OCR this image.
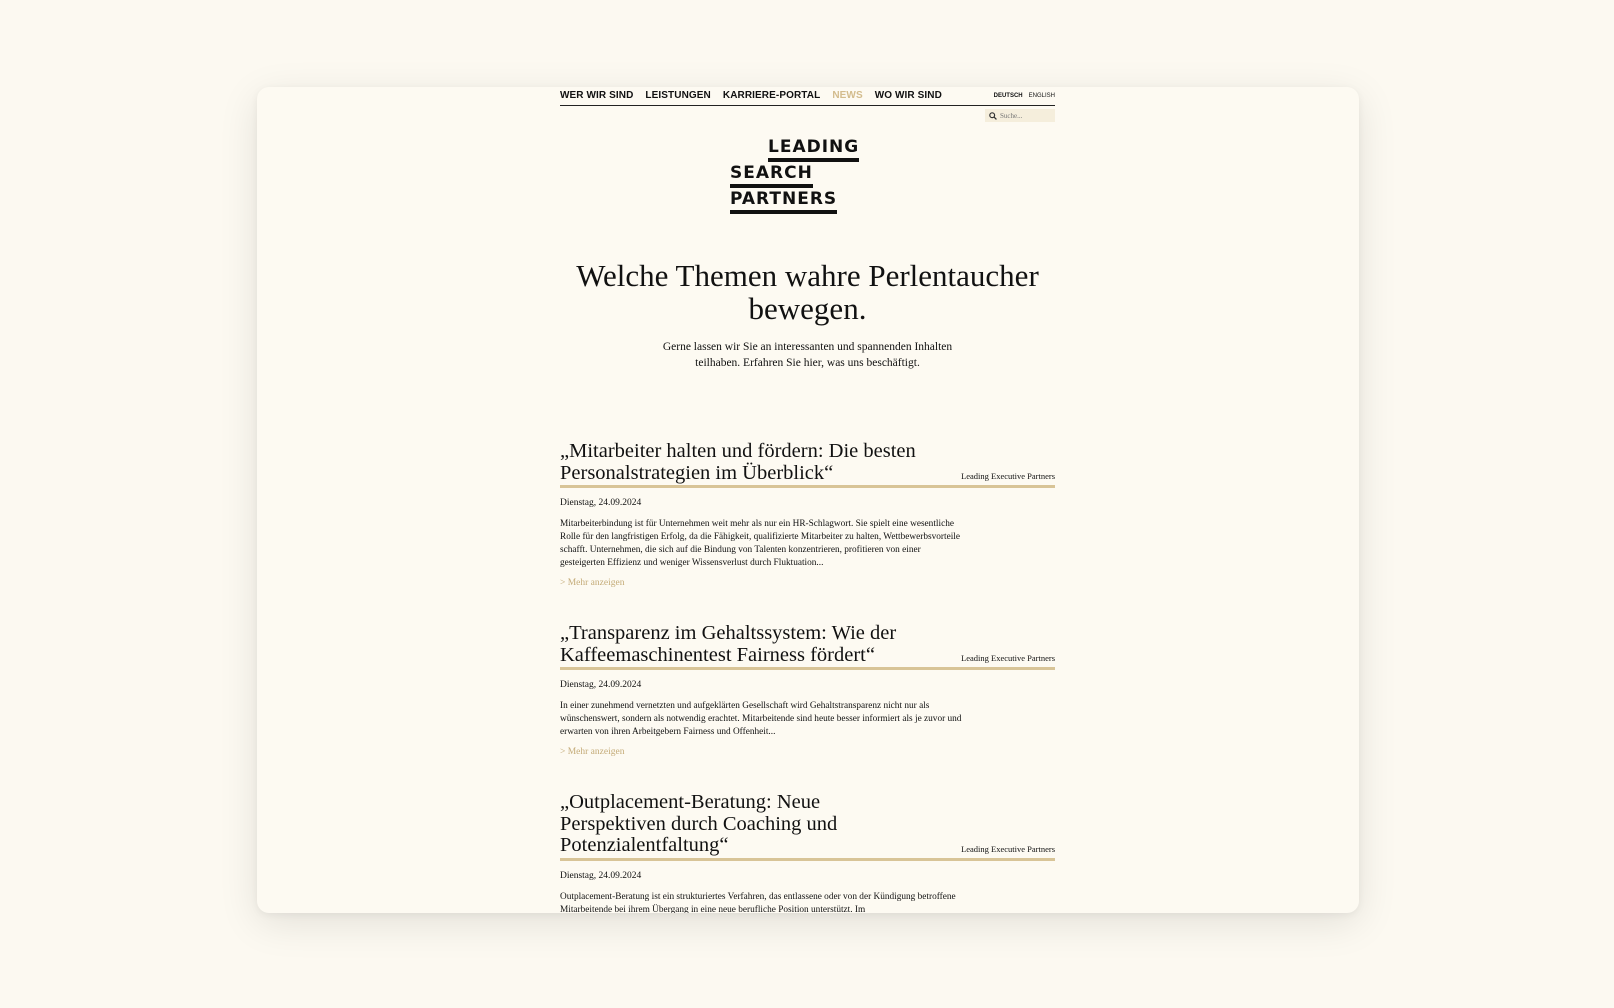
WER WIR SIND LEISTUNGEN KARRIERE-PORTAL NEWS WO WIR SIND	DEUTSCH ENGLISH
Suche...
LEADING
SEARCH
PARTNERS
Welche Themen wahre Perlentaucher bewegen.

Gerne lassen wir Sie an interessanten und spannenden Inhalten teilhaben. Erfahren Sie hier, was uns beschäftigt.

„Mitarbeiter halten und fördern: Die besten Personalstrategien im Überblick“	Leading Executive Partners
Dienstag, 24.09.2024
Mitarbeiterbindung ist für Unternehmen weit mehr als nur ein HR-Schlagwort. Sie spielt eine wesentliche Rolle für den langfristigen Erfolg, da die Fähigkeit, qualifizierte Mitarbeiter zu halten, Wettbewerbsvorteile schafft. Unternehmen, die sich auf die Bindung von Talenten konzentrieren, profitieren von einer gesteigerten Effizienz und weniger Wissensverlust durch Fluktuation...
> Mehr anzeigen
„Transparenz im Gehaltssystem: Wie der Kaffeemaschinentest Fairness fördert“	Leading Executive Partners
Dienstag, 24.09.2024
In einer zunehmend vernetzten und aufgeklärten Gesellschaft wird Gehaltstransparenz nicht nur als wünschenswert, sondern als notwendig erachtet. Mitarbeitende sind heute besser informiert als je zuvor und erwarten von ihren Arbeitgebern Fairness und Offenheit...
> Mehr anzeigen
„Outplacement-Beratung: Neue Perspektiven durch Coaching und Potenzialentfaltung“	Leading Executive Partners
Dienstag, 24.09.2024
Outplacement-Beratung ist ein strukturiertes Verfahren, das entlassene oder von der Kündigung betroffene Mitarbeitende bei ihrem Übergang in eine neue berufliche Position unterstützt. Im
